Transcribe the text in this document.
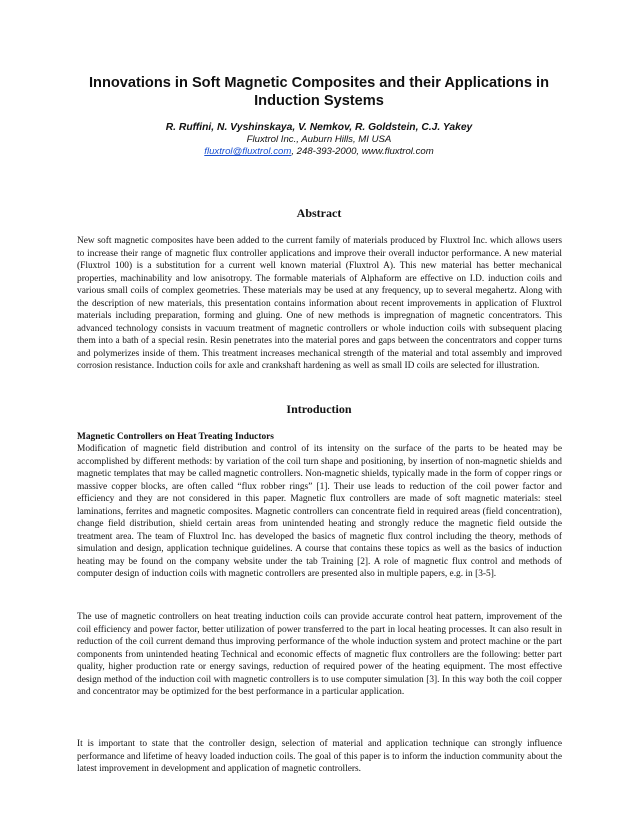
Innovations in Soft Magnetic Composites and their Applications in Induction Systems
R. Ruffini, N. Vyshinskaya, V. Nemkov, R. Goldstein, C.J. Yakey
Fluxtrol Inc., Auburn Hills, MI USA
fluxtrol@fluxtrol.com, 248-393-2000, www.fluxtrol.com
Abstract

New soft magnetic composites have been added to the current family of materials produced by Fluxtrol Inc. which allows users to increase their range of magnetic flux controller applications and improve their overall inductor performance. A new material (Fluxtrol 100) is a substitution for a current well known material (Fluxtrol A). This new material has better mechanical properties, machinability and low anisotropy. The formable materials of Alphaform are effective on I.D. induction coils and various small coils of complex geometries. These materials may be used at any frequency, up to several megahertz. Along with the description of new materials, this presentation contains information about recent improvements in application of Fluxtrol materials including preparation, forming and gluing. One of new methods is impregnation of magnetic concentrators. This advanced technology consists in vacuum treatment of magnetic controllers or whole induction coils with subsequent placing them into a bath of a special resin. Resin penetrates into the material pores and gaps between the concentrators and copper turns and polymerizes inside of them. This treatment increases mechanical strength of the material and total assembly and improved corrosion resistance. Induction coils for axle and crankshaft hardening as well as small ID coils are selected for illustration.

Introduction
Magnetic Controllers on Heat Treating Inductors

Modification of magnetic field distribution and control of its intensity on the surface of the parts to be heated may be accomplished by different methods: by variation of the coil turn shape and positioning, by insertion of non-magnetic shields and magnetic templates that may be called magnetic controllers. Non-magnetic shields, typically made in the form of copper rings or massive copper blocks, are often called “flux robber rings” [1]. Their use leads to reduction of the coil power factor and efficiency and they are not considered in this paper. Magnetic flux controllers are made of soft magnetic materials: steel laminations, ferrites and magnetic composites. Magnetic controllers can concentrate field in required areas (field concentration), change field distribution, shield certain areas from unintended heating and strongly reduce the magnetic field outside the treatment area. The team of Fluxtrol Inc. has developed the basics of magnetic flux control including the theory, methods of simulation and design, application technique guidelines. A course that contains these topics as well as the basics of induction heating may be found on the company website under the tab Training [2]. A role of magnetic flux control and methods of computer design of induction coils with magnetic controllers are presented also in multiple papers, e.g. in [3-5].

The use of magnetic controllers on heat treating induction coils can provide accurate control heat pattern, improvement of the coil efficiency and power factor, better utilization of power transferred to the part in local heating processes. It can also result in reduction of the coil current demand thus improving performance of the whole induction system and protect machine or the part components from unintended heating Technical and economic effects of magnetic flux controllers are the following: better part quality, higher production rate or energy savings, reduction of required power of the heating equipment. The most effective design method of the induction coil with magnetic controllers is to use computer simulation [3]. In this way both the coil copper and concentrator may be optimized for the best performance in a particular application.

It is important to state that the controller design, selection of material and application technique can strongly influence performance and lifetime of heavy loaded induction coils. The goal of this paper is to inform the induction community about the latest improvement in development and application of magnetic controllers.
